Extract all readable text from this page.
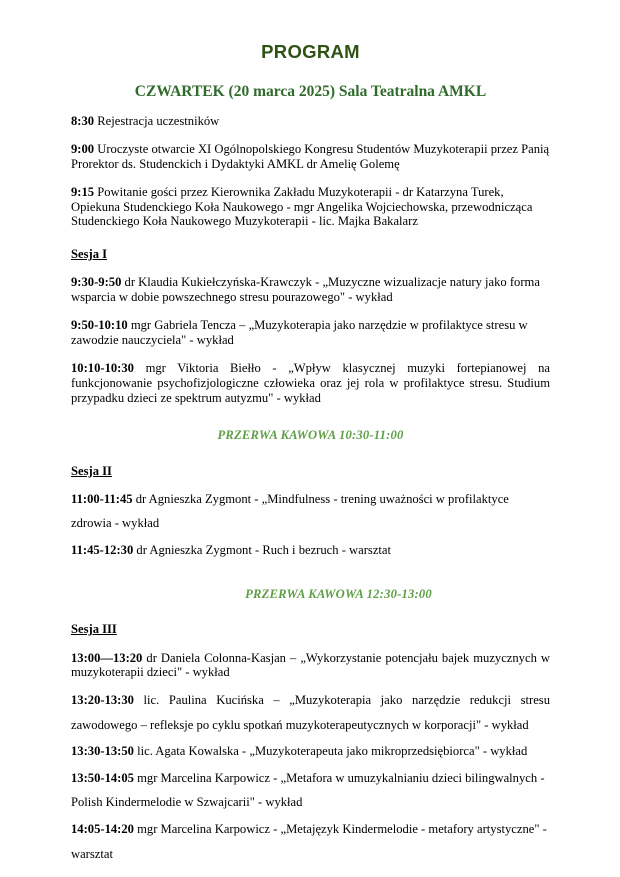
PROGRAM
CZWARTEK (20 marca 2025) Sala Teatralna AMKL

8:30 Rejestracja uczestników

9:00 Uroczyste otwarcie XI Ogólnopolskiego Kongresu Studentów Muzykoterapii przez Panią Prorektor ds. Studenckich i Dydaktyki AMKL dr Amelię Golemę

9:15 Powitanie gości przez Kierownika Zakładu Muzykoterapii - dr Katarzyna Turek, Opiekuna Studenckiego Koła Naukowego - mgr Angelika Wojciechowska, przewodnicząca Studenckiego Koła Naukowego Muzykoterapii - lic. Majka Bakalarz

Sesja I

9:30-9:50 dr Klaudia Kukiełczyńska-Krawczyk - „Muzyczne wizualizacje natury jako forma wsparcia w dobie powszechnego stresu pourazowego" - wykład

9:50-10:10 mgr Gabriela Tencza – „Muzykoterapia jako narzędzie w profilaktyce stresu w zawodzie nauczyciela" - wykład

10:10-10:30 mgr Viktoria Biełło - „Wpływ klasycznej muzyki fortepianowej na funkcjonowanie psychofizjologiczne człowieka oraz jej rola w profilaktyce stresu. Studium przypadku dzieci ze spektrum autyzmu" - wykład

PRZERWA KAWOWA 10:30-11:00

Sesja II

11:00-11:45 dr Agnieszka Zygmont - „Mindfulness - trening uważności w profilaktyce zdrowia - wykład

11:45-12:30 dr Agnieszka Zygmont - Ruch i bezruch - warsztat

PRZERWA KAWOWA 12:30-13:00

Sesja III

13:00—13:20 dr Daniela Colonna-Kasjan – „Wykorzystanie potencjału bajek muzycznych w muzykoterapii dzieci" - wykład

13:20-13:30 lic. Paulina Kucińska – „Muzykoterapia jako narzędzie redukcji stresu zawodowego – refleksje po cyklu spotkań muzykoterapeutycznych w korporacji" - wykład

13:30-13:50 lic. Agata Kowalska - „Muzykoterapeuta jako mikroprzedsiębiorca" - wykład

13:50-14:05 mgr Marcelina Karpowicz - „Metafora w umuzykalnianiu dzieci bilingwalnych - Polish Kindermelodie w Szwajcarii" - wykład

14:05-14:20 mgr Marcelina Karpowicz - „Metajęzyk Kindermelodie - metafory artystyczne" - warsztat
